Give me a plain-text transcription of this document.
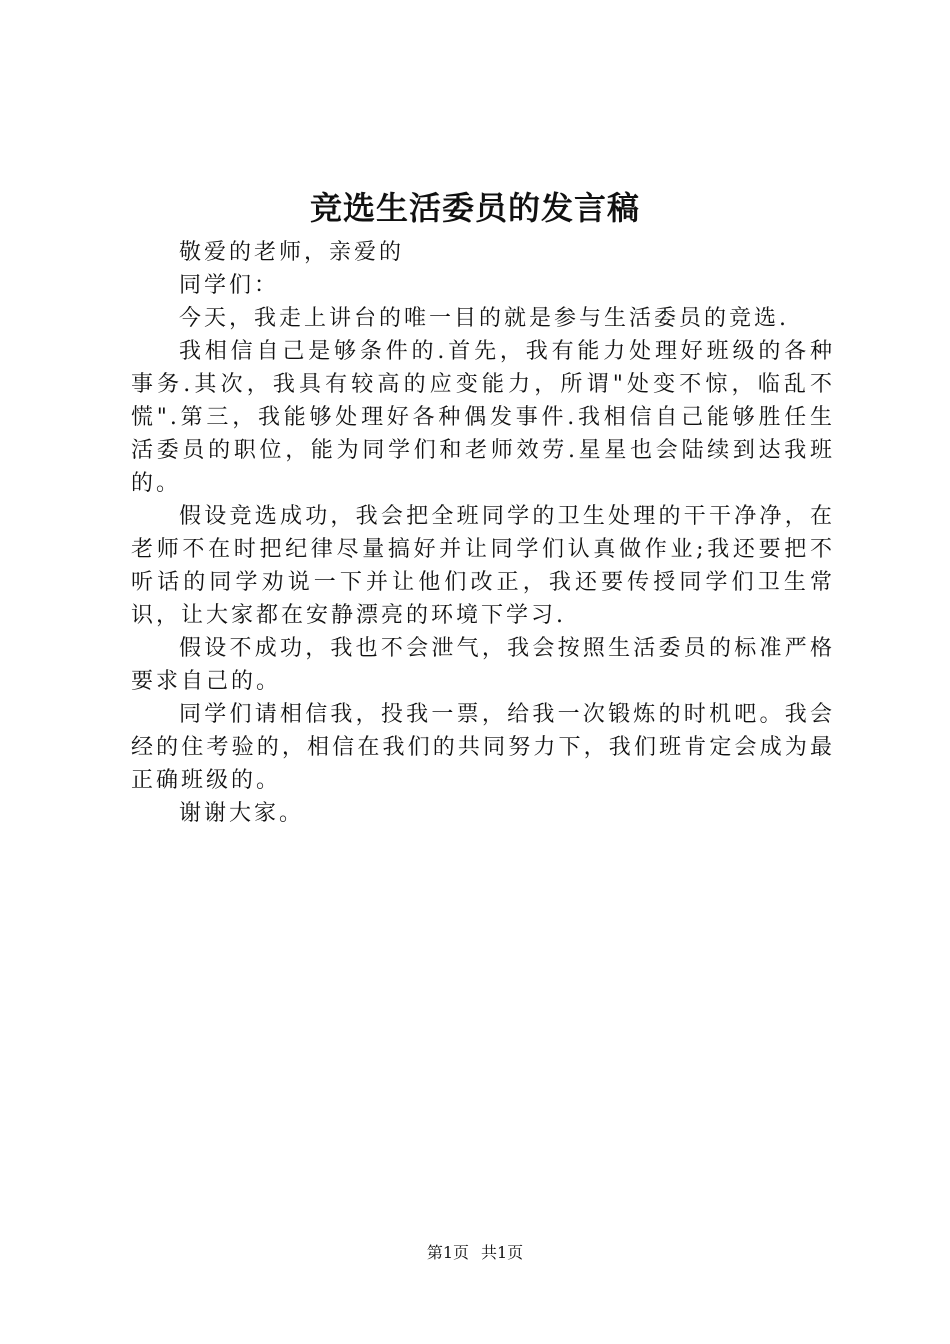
竞选生活委员的发言稿

敬爱的老师，亲爱的

同学们：

今天，我走上讲台的唯一目的就是参与生活委员的竞选.

我相信自己是够条件的.首先，我有能力处理好班级的各种事务.其次，我具有较高的应变能力，所谓"处变不惊，临乱不慌".第三，我能够处理好各种偶发事件.我相信自己能够胜任生活委员的职位，能为同学们和老师效劳.星星也会陆续到达我班的。

假设竞选成功，我会把全班同学的卫生处理的干干净净，在老师不在时把纪律尽量搞好并让同学们认真做作业;我还要把不听话的同学劝说一下并让他们改正，我还要传授同学们卫生常识，让大家都在安静漂亮的环境下学习.

假设不成功，我也不会泄气，我会按照生活委员的标准严格要求自己的。

同学们请相信我，投我一票，给我一次锻炼的时机吧。我会经的住考验的，相信在我们的共同努力下，我们班肯定会成为最正确班级的。

谢谢大家。

第1页 共1页
